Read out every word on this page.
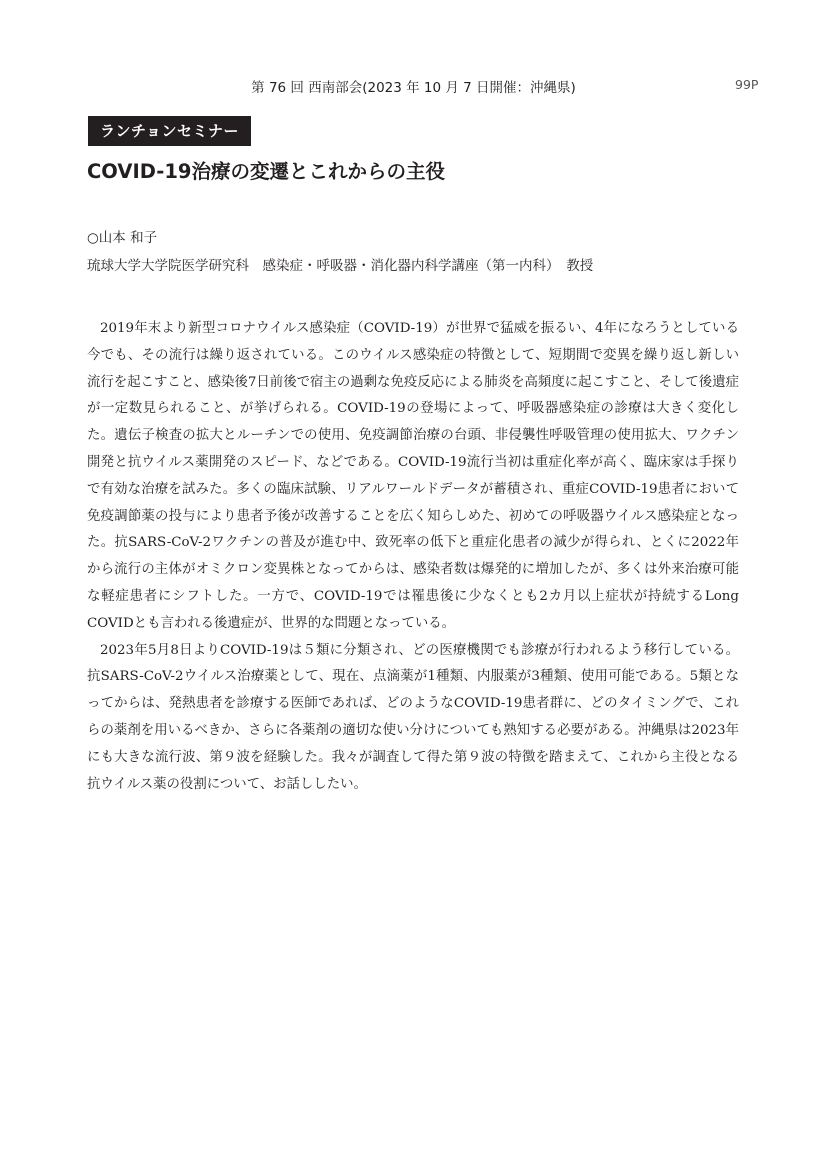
第 76 回 西南部会(2023 年 10 月 7 日開催：沖縄県)	99P
ランチョンセミナー
COVID-19治療の変遷とこれからの主役
○山本 和子
琉球大学大学院医学研究科　感染症・呼吸器・消化器内科学講座（第一内科）　教授

2019年末より新型コロナウイルス感染症（COVID-19）が世界で猛威を振るい、4年になろうとしている今でも、その流行は繰り返されている。このウイルス感染症の特徴として、短期間で変異を繰り返し新しい流行を起こすこと、感染後7日前後で宿主の過剰な免疫反応による肺炎を高頻度に起こすこと、そして後遺症が一定数見られること、が挙げられる。COVID-19の登場によって、呼吸器感染症の診療は大きく変化した。遺伝子検査の拡大とルーチンでの使用、免疫調節治療の台頭、非侵襲性呼吸管理の使用拡大、ワクチン開発と抗ウイルス薬開発のスピード、などである。COVID-19流行当初は重症化率が高く、臨床家は手探りで有効な治療を試みた。多くの臨床試験、リアルワールドデータが蓄積され、重症COVID-19患者において免疫調節薬の投与により患者予後が改善することを広く知らしめた、初めての呼吸器ウイルス感染症となった。抗SARS-CoV-2ワクチンの普及が進む中、致死率の低下と重症化患者の減少が得られ、とくに2022年から流行の主体がオミクロン変異株となってからは、感染者数は爆発的に増加したが、多くは外来治療可能な軽症患者にシフトした。一方で、COVID-19では罹患後に少なくとも2カ月以上症状が持続するLong COVIDとも言われる後遺症が、世界的な問題となっている。

2023年5月8日よりCOVID-19は５類に分類され、どの医療機関でも診療が行われるよう移行している。抗SARS-CoV-2ウイルス治療薬として、現在、点滴薬が1種類、内服薬が3種類、使用可能である。5類となってからは、発熱患者を診療する医師であれば、どのようなCOVID-19患者群に、どのタイミングで、これらの薬剤を用いるべきか、さらに各薬剤の適切な使い分けについても熟知する必要がある。沖縄県は2023年にも大きな流行波、第９波を経験した。我々が調査して得た第９波の特徴を踏まえて、これから主役となる抗ウイルス薬の役割について、お話ししたい。
